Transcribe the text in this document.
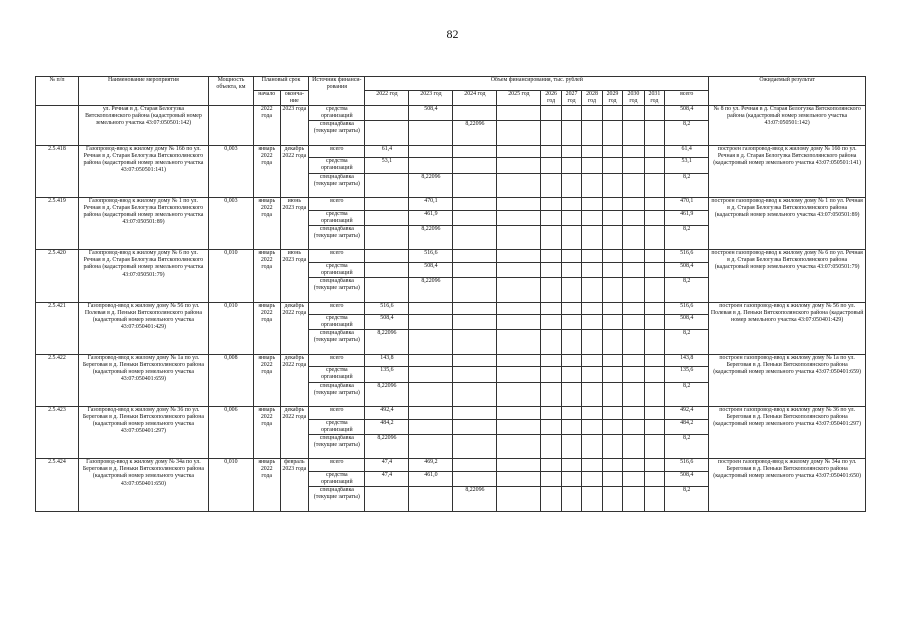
82
№ п/п	Наименование мероприятия	Мощность объекта, км	Плановый срок		Источник финанси-рования	Объем финансирования, тыс. рублей											Ожидаемый результат
			начало	оконча-ние		2022 год	2023 год	2024 год	2025 год	2026 год	2027 год	2028 год	2029 год	2030 год	2031 год	всего	
	ул. Речная в д. Старая Белогузка Вятскополянского района (кадастровый номер земельного участка 43:07:050501:142)		2022 года	2023 года	средства организаций		508,4									508,4	№ 8 по ул. Речная в д. Старая Белогузка Вятскополянского района (кадастровый номер земельного участка 43:07:050501:142)
					спецнадбавка (текущие затраты)			8,22096								8,2	
2.5.418	Газопровод-ввод к жилому дому № 16б по ул. Речная в д. Старая Белогузка Вятскополянского района (кадастровый номер земельного участка 43:07:050501:141)	0,003	январь 2022 года	декабрь 2022 года	всего	61,4										61,4	построен газопровод-ввод к жилому дому № 16б по ул. Речная в д. Старая Белогузка Вятскополянского района (кадастровый номер земельного участка 43:07:050501:141)
					средства организаций	53,1										53,1	
					спецнадбавка (текущие затраты)		8,22096									8,2	
2.5.419	Газопровод-ввод к жилому дому № 1 по ул. Речная в д. Старая Белогузка Вятскополянского района (кадастровый номер земельного участка 43:07:050501:89)	0,003	январь 2022 года	июнь 2023 года	всего		470,1									470,1	построен газопровод-ввод к жилому дому № 1 по ул. Речная в д. Старая Белогузка Вятскополянского района (кадастровый номер земельного участка 43:07:050501:89)
					средства организаций		461,9									461,9	
					спецнадбавка (текущие затраты)		8,22096									8,2	
2.5.420	Газопровод-ввод к жилому дому № 6 по ул. Речная в д. Старая Белогузка Вятскополянского района (кадастровый номер земельного участка 43:07:050501:79)	0,010	январь 2022 года	июнь 2023 года	всего		516,6									516,6	построен газопровод-ввод к жилому дому № 6 по ул. Речная в д. Старая Белогузка Вятскополянского района (кадастровый номер земельного участка 43:07:050501:79)
					средства организаций		508,4									508,4	
					спецнадбавка (текущие затраты)		8,22096									8,2	
2.5.421	Газопровод-ввод к жилому дому № 56 по ул. Полевая в д. Пеньки Вятскополянского района (кадастровый номер земельного участка 43:07:050401:429)	0,010	январь 2022 года	декабрь 2022 года	всего	516,6										516,6	построен газопровод-ввод к жилому дому № 56 по ул. Полевая в д. Пеньки Вятскополянского района (кадастровый номер земельного участка 43:07:050401:429)
					средства организаций	508,4										508,4	
					спецнадбавка (текущие затраты)	8,22096										8,2	
2.5.422	Газопровод-ввод к жилому дому № 1а по ул. Береговая в д. Пеньки Вятскополянского района (кадастровый номер земельного участка 43:07:050401:659)	0,008	январь 2022 года	декабрь 2022 года	всего	143,8										143,8	построен газопровод-ввод к жилому дому № 1а по ул. Береговая в д. Пеньки Вятскополянского района (кадастровый номер земельного участка 43:07:050401:659)
					средства организаций	135,6										135,6	
					спецнадбавка (текущие затраты)	8,22096										8,2	
2.5.423	Газопровод-ввод к жилому дому № 36 по ул. Береговая в д. Пеньки Вятскополянского района (кадастровый номер земельного участка 43:07:050401:297)	0,006	январь 2022 года	декабрь 2022 года	всего	492,4										492,4	построен газопровод-ввод к жилому дому № 36 по ул. Береговая в д. Пеньки Вятскополянского района (кадастровый номер земельного участка 43:07:050401:297)
					средства организаций	484,2										484,2	
					спецнадбавка (текущие затраты)	8,22096										8,2	
2.5.424	Газопровод-ввод к жилому дому № 34а по ул. Береговая в д. Пеньки Вятскополянского района (кадастровый номер земельного участка 43:07:050401:650)	0,010	январь 2022 года	февраль 2023 года	всего	47,4	469,2									516,6	построен газопровод-ввод к жилому дому № 34а по ул. Береговая в д. Пеньки Вятскополянского района (кадастровый номер земельного участка 43:07:050401:650)
					средства организаций	47,4	461,0									508,4	
					спецнадбавка (текущие затраты)			8,22096								8,2	
